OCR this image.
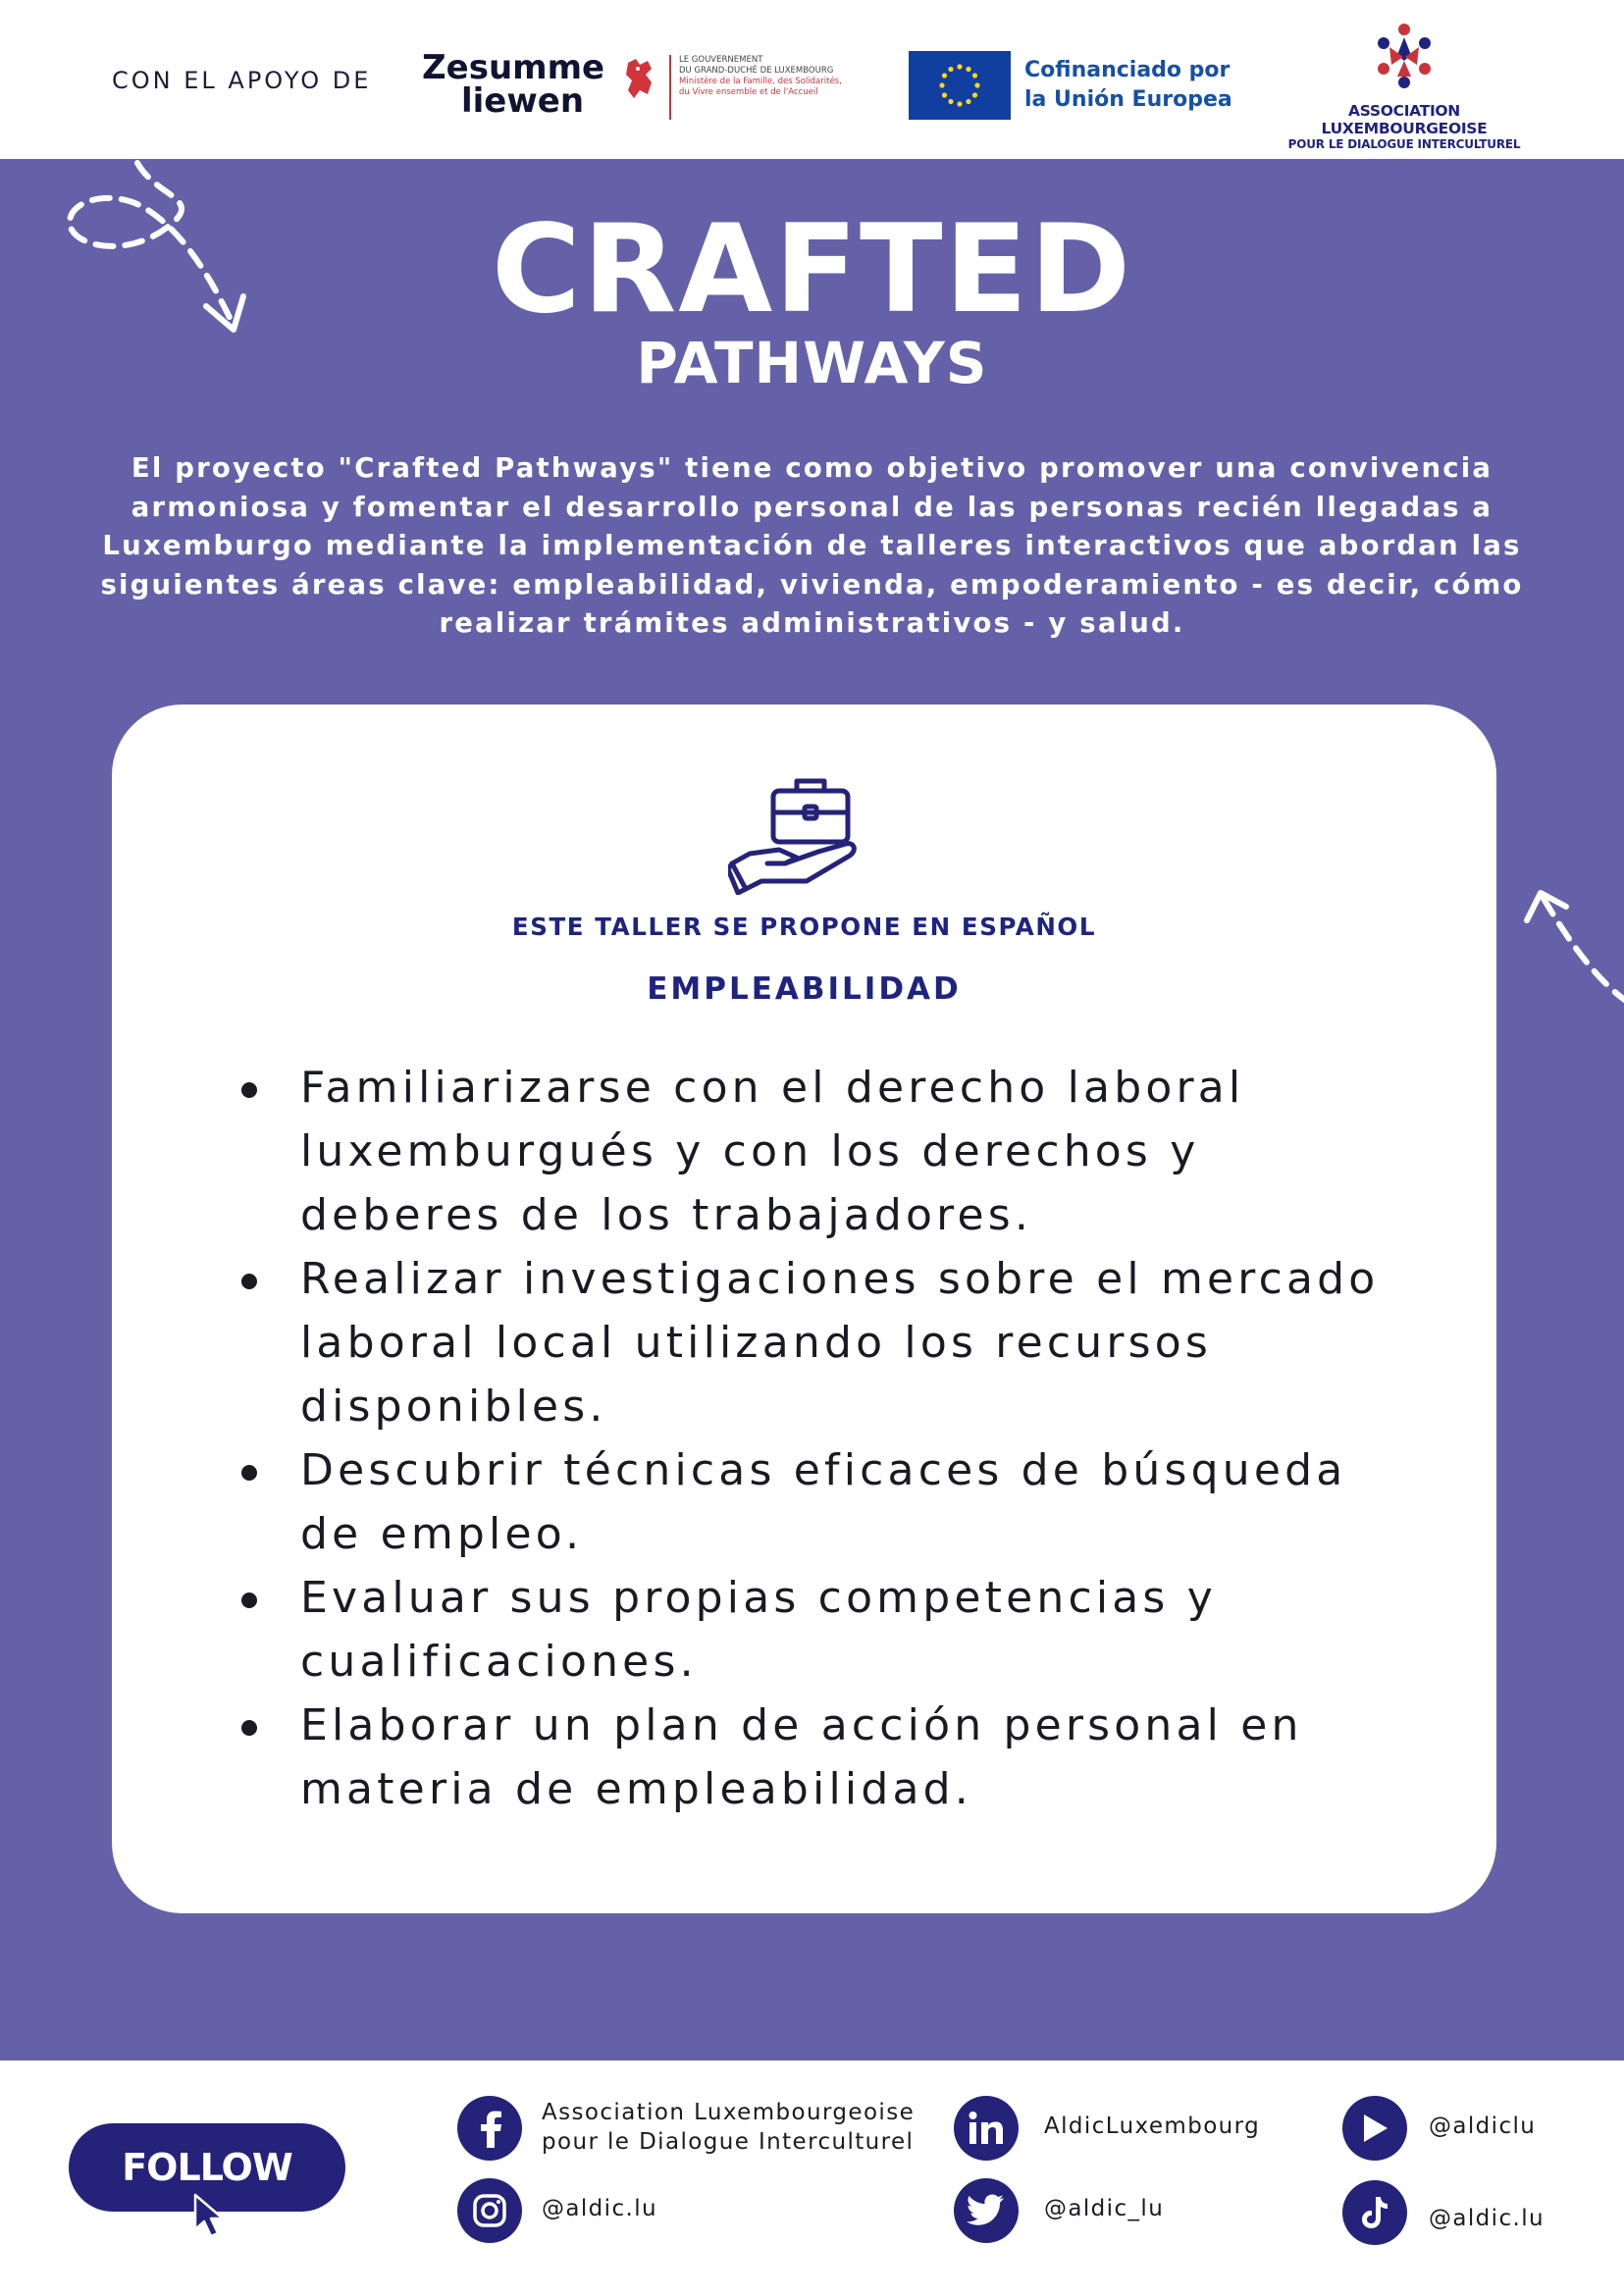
CON EL APOYO DE Zesumme
liewen
LE GOUVERNEMENT
DU GRAND-DUCHÉ DE LUXEMBOURG
Ministère de la Famille, des Solidarités,
du Vivre ensemble et de l'Accueil
Cofinanciado por
la Unión Europea	ASSOCIATION LUXEMBOURGEOISE
POUR LE DIALOGUE INTERCULTUREL
CRAFTED
PATHWAYS
El proyecto "Crafted Pathways" tiene como objetivo promover una convivencia armoniosa y fomentar el desarrollo personal de las personas recién llegadas a Luxemburgo mediante la implementación de talleres interactivos que abordan las siguientes áreas clave: empleabilidad, vivienda, empoderamiento - es decir, cómo realizar trámites administrativos - y salud.
ESTE TALLER SE PROPONE EN ESPAÑOL
EMPLEABILIDAD
Familiarizarse con el derecho laboral luxemburgués y con los derechos y deberes de los trabajadores.
Realizar investigaciones sobre el mercado laboral local utilizando los recursos disponibles.
Descubrir técnicas eficaces de búsqueda de empleo.
Evaluar sus propias competencias y cualificaciones.
Elaborar un plan de acción personal en materia de empleabilidad.
FOLLOW
Association Luxembourgeoise
pour le Dialogue Interculturel
@aldic.lu
AldicLuxembourg
@aldic_lu
@aldiclu
@aldic.lu
